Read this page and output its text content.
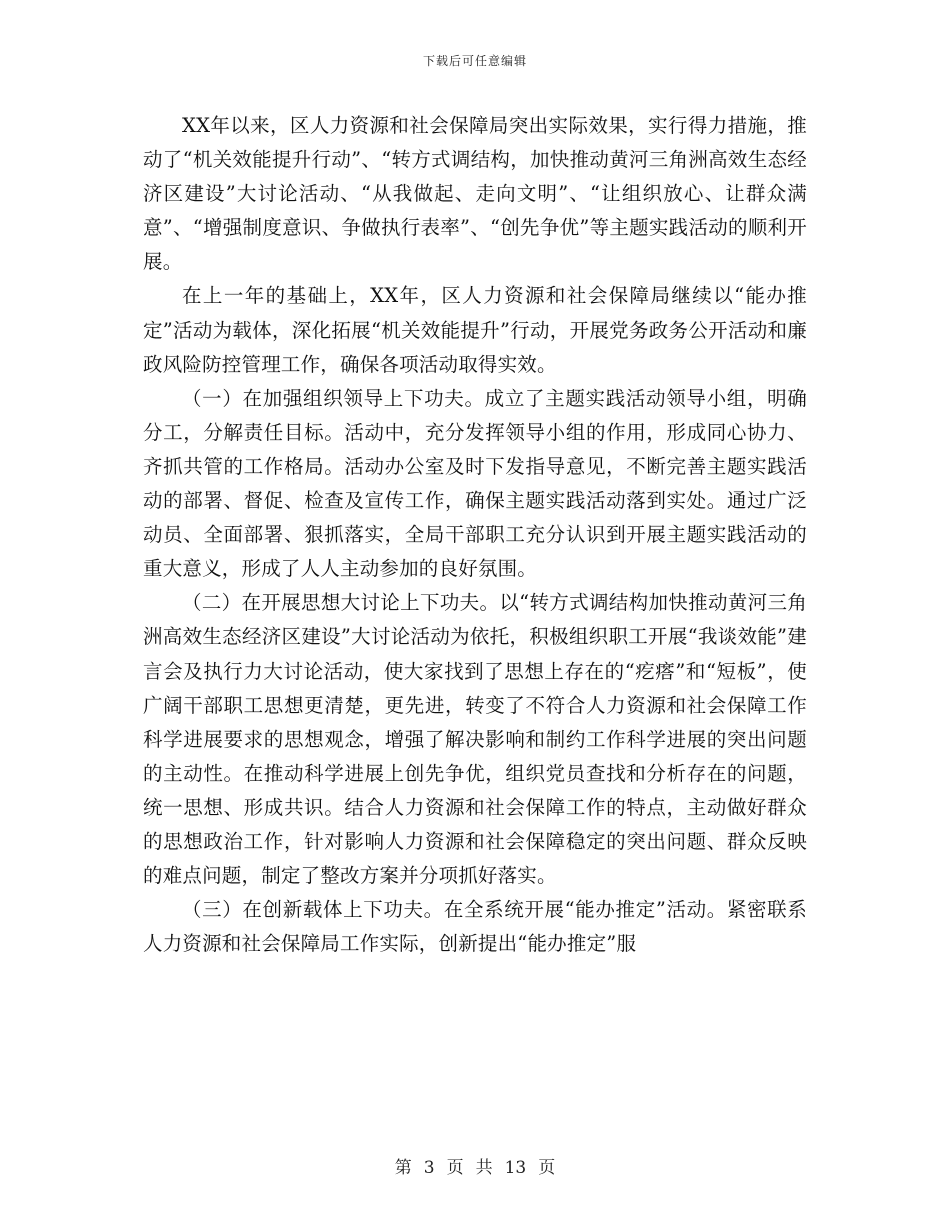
下载后可任意编辑

XX年以来，区人力资源和社会保障局突出实际效果，实行得力措施，推动了“机关效能提升行动”、“转方式调结构，加快推动黄河三角洲高效生态经济区建设”大讨论活动、“从我做起、走向文明”、“让组织放心、让群众满意”、“增强制度意识、争做执行表率”、“创先争优”等主题实践活动的顺利开展。

在上一年的基础上，XX年，区人力资源和社会保障局继续以“能办推定”活动为载体，深化拓展“机关效能提升”行动，开展党务政务公开活动和廉政风险防控管理工作，确保各项活动取得实效。

（一）在加强组织领导上下功夫。成立了主题实践活动领导小组，明确分工，分解责任目标。活动中，充分发挥领导小组的作用，形成同心协力、齐抓共管的工作格局。活动办公室及时下发指导意见，不断完善主题实践活动的部署、督促、检查及宣传工作，确保主题实践活动落到实处。通过广泛动员、全面部署、狠抓落实，全局干部职工充分认识到开展主题实践活动的重大意义，形成了人人主动参加的良好氛围。

（二）在开展思想大讨论上下功夫。以“转方式调结构加快推动黄河三角洲高效生态经济区建设”大讨论活动为依托，积极组织职工开展“我谈效能”建言会及执行力大讨论活动，使大家找到了思想上存在的“疙瘩”和“短板”，使广阔干部职工思想更清楚，更先进，转变了不符合人力资源和社会保障工作科学进展要求的思想观念，增强了解决影响和制约工作科学进展的突出问题的主动性。在推动科学进展上创先争优，组织党员查找和分析存在的问题，统一思想、形成共识。结合人力资源和社会保障工作的特点，主动做好群众的思想政治工作，针对影响人力资源和社会保障稳定的突出问题、群众反映的难点问题，制定了整改方案并分项抓好落实。

（三）在创新载体上下功夫。在全系统开展“能办推定”活动。紧密联系人力资源和社会保障局工作实际，创新提出“能办推定”服

第 3 页 共 13 页
